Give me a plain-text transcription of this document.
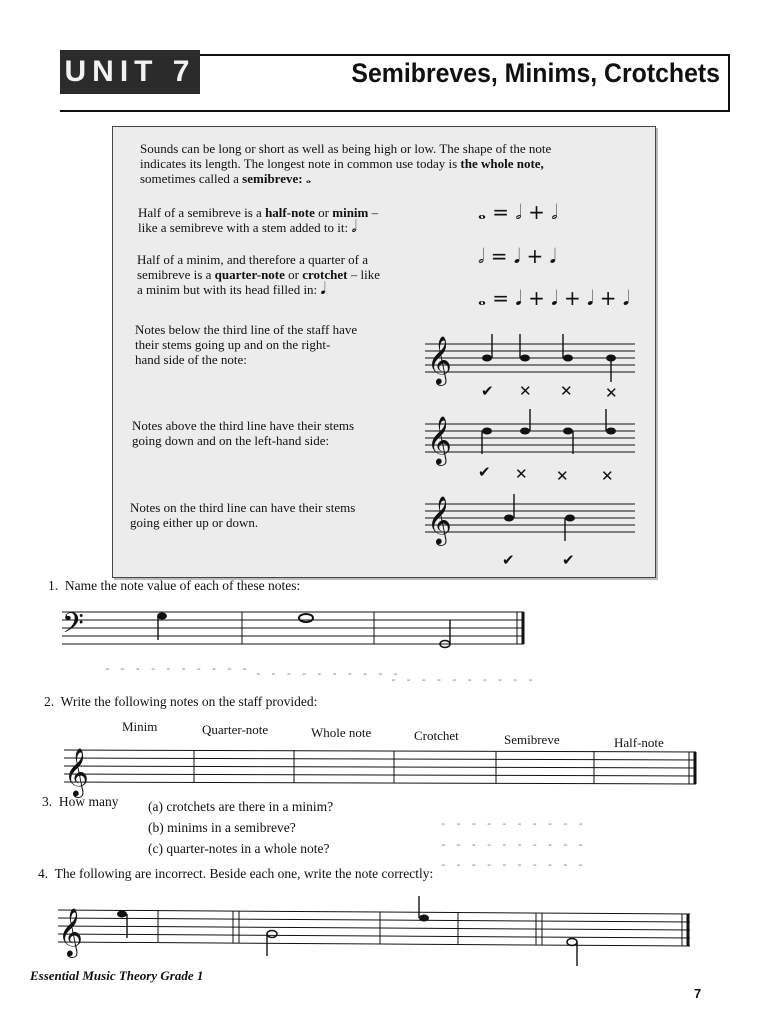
UNIT 7	Semibreves, Minims, Crotchets
Sounds can be long or short as well as being high or low. The shape of the note
indicates its length. The longest note in common use today is the whole note,
sometimes called a semibreve: 𝅝
Half of a semibreve is a half-note or minim –
like a semibreve with a stem added to it: 𝅗𝅥
Half of a minim, and therefore a quarter of a
semibreve is a quarter-note or crotchet – like
a minim but with its head filled in: 𝅘𝅥
𝅝 = 𝅗𝅥 + 𝅗𝅥
𝅗𝅥 = 𝅘𝅥 + 𝅘𝅥
𝅝 = 𝅘𝅥 + 𝅘𝅥 + 𝅘𝅥 + 𝅘𝅥
Notes below the third line of the staff have
their stems going up and on the right-
hand side of the note:	𝄞
✔ ✕ ✕ ✕
Notes above the third line have their stems
going down and on the left-hand side:	𝄞
✔ ✕ ✕ ✕
Notes on the third line can have their stems
going either up or down.	𝄞
✔	✔
1. Name the note value of each of these notes:
𝄢
- - - - - - - - - - - - - - - - - - - -
- - - - - - - - - -
2. Write the following notes on the staff provided:
Minim	Quarter-note	Whole note	Crotchet	Semibreve	Half-note
𝄞
3. How many (a) crotchets are there in a minim?
(b) minims in a semibreve?
(c) quarter-notes in a whole note?
- - - - - - - - - -
- - - - - - - - - -
- - - - - - - - - -
4. The following are incorrect. Beside each one, write the note correctly:
𝄞
Essential Music Theory Grade 1
7
